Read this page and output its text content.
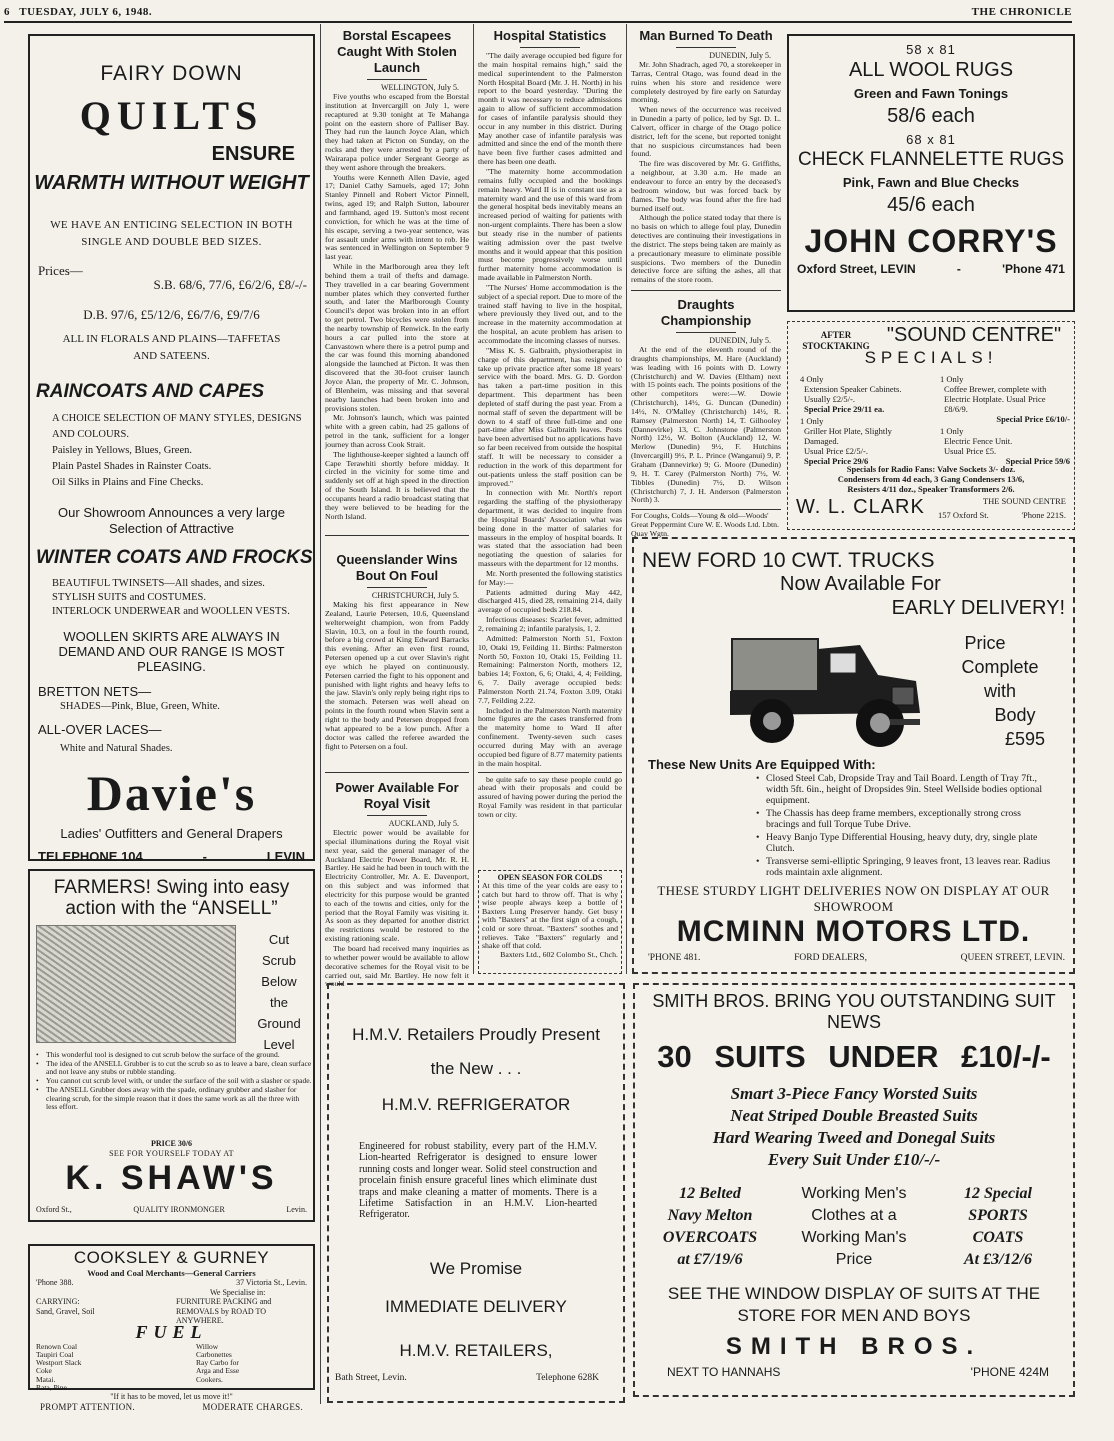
6 TUESDAY, JULY 6, 1948.	THE CHRONICLE
FAIRY DOWN
QUILTS
ENSURE
WARMTH WITHOUT WEIGHT
WE HAVE AN ENTICING SELECTION IN BOTH SINGLE AND DOUBLE BED SIZES.
Prices—
S.B. 68/6, 77/6, £6/2/6, £8/-/-
D.B. 97/6, £5/12/6, £6/7/6, £9/7/6
ALL IN FLORALS AND PLAINS—TAFFETAS AND SATEENS.
RAINCOATS AND CAPES
A CHOICE SELECTION OF MANY STYLES, DESIGNS AND COLOURS.
Paisley in Yellows, Blues, Green.
Plain Pastel Shades in Rainster Coats.
Oil Silks in Plains and Fine Checks.
Our Showroom Announces a very large Selection of Attractive
WINTER COATS AND FROCKS
BEAUTIFUL TWINSETS—All shades, and sizes.
STYLISH SUITS and COSTUMES.
INTERLOCK UNDERWEAR and WOOLLEN VESTS.
WOOLLEN SKIRTS ARE ALWAYS IN DEMAND AND OUR RANGE IS MOST PLEASING.
BRETTON NETS—
SHADES—Pink, Blue, Green, White.
ALL-OVER LACES—
White and Natural Shades.
Davie's
Ladies' Outfitters and General Drapers
TELEPHONE 104	-	LEVIN
FARMERS! Swing into easy action with the “ANSELL”
Cut
Scrub
Below
the
Ground
Level
• This wonderful tool is designed to cut scrub below the surface of the ground.
• The idea of the ANSELL Grubber is to cut the scrub so as to leave a bare, clean surface and not leave any stubs or rubble standing.
• You cannot cut scrub level with, or under the surface of the soil with a slasher or spade.
• The ANSELL Grubber does away with the spade, ordinary grubber and slasher for clearing scrub, for the simple reason that it does the same work as all the three with less effort.
PRICE 30/6
SEE FOR YOURSELF TODAY AT
K. SHAW'S
Oxford St.,	QUALITY IRONMONGER	Levin.
COOKSLEY & GURNEY
Wood and Coal Merchants—General Carriers
'Phone 388.	37 Victoria St., Levin.
We Specialise in:
CARRYING:
Sand, Gravel, Soil
FURNITURE PACKING and REMOVALS by ROAD TO ANYWHERE.
FUEL
Renown Coal
Taupiri Coal
Westport Slack
Coke
Matai.
Rata, Pine
Willow
Carbonettes
Ray Carbo for
Arga and Esse
Cookers.
"If it has to be moved, let us move it!"
PROMPT ATTENTION.	MODERATE CHARGES.
Borstal Escapees Caught With Stolen Launch
WELLINGTON, July 5.

Five youths who escaped from the Borstal institution at Invercargill on July 1, were recaptured at 9.30 tonight at Te Mahanga point on the eastern shore of Palliser Bay. They had run the launch Joyce Alan, which they had taken at Picton on Sunday, on the rocks and they were arrested by a party of Wairarapa police under Sergeant George as they went ashore through the breakers.

Youths were Kenneth Allen Davie, aged 17; Daniel Cathy Samuels, aged 17; John Stanley Pinnell and Robert Victor Pinnell, twins, aged 19; and Ralph Sutton, labourer and farmhand, aged 19. Sutton's most recent conviction, for which he was at the time of his escape, serving a two-year sentence, was for assault under arms with intent to rob. He was sentenced in Wellington on September 9 last year.

While in the Marlborough area they left behind them a trail of thefts and damage. They travelled in a car bearing Government number plates which they converted further south, and later the Marlborough County Council's depot was broken into in an effort to get petrol. Two bicycles were stolen from the nearby township of Renwick. In the early hours a car pulled into the store at Canvastown where there is a petrol pump and the car was found this morning abandoned alongside the launched at Picton. It was then discovered that the 30-foot cruiser launch Joyce Alan, the property of Mr. C. Johnson, of Blenheim, was missing and that several nearby launches had been broken into and provisions stolen.

Mr. Johnson's launch, which was painted white with a green cabin, had 25 gallons of petrol in the tank, sufficient for a longer journey than across Cook Strait.

The lighthouse-keeper sighted a launch off Cape Terawhiti shortly before midday. It circled in the vicinity for some time and suddenly set off at high speed in the direction of the South Island. It is believed that the occupants heard a radio broadcast stating that they were believed to be heading for the North Island.

Queenslander Wins Bout On Foul
CHRISTCHURCH, July 5.

Making his first appearance in New Zealand, Laurie Petersen, 10.6, Queensland welterweight champion, won from Paddy Slavin, 10.3, on a foul in the fourth round, before a big crowd at King Edward Barracks this evening. After an even first round, Petersen opened up a cut over Slavin's right eye which he played on continuously. Petersen carried the fight to his opponent and punished with light rights and heavy lefts to the jaw. Slavin's only reply being right rips to the stomach. Petersen was well ahead on points in the fourth round when Slavin sent a right to the body and Petersen dropped from what appeared to be a low punch. After a doctor was called the referee awarded the fight to Petersen on a foul.

Power Available For Royal Visit
AUCKLAND, July 5.

Electric power would be available for special illuminations during the Royal visit next year, said the general manager of the Auckland Electric Power Board, Mr. R. H. Bartley. He said he had been in touch with the Electricity Controller, Mr. A. E. Davenport, on this subject and was informed that electricity for this purpose would be granted to each of the towns and cities, only for the period that the Royal Family was visiting it. As soon as they departed for another district the restrictions would be restored to the existing rationing scale.

The board had received many inquiries as to whether power would be available to allow decorative schemes for the Royal visit to be carried out, said Mr. Bartley. He now felt it would

Hospital Statistics

"The daily average occupied bed figure for the main hospital remains high," said the medical superintendent to the Palmerston North Hospital Board (Mr. J. H. North) in his report to the board yesterday. "During the month it was necessary to reduce admissions again to allow of sufficient accommodation for cases of infantile paralysis should they occur in any number in this district. During May another case of infantile paralysis was admitted and since the end of the month there have been five further cases admitted and there has been one death.

"The maternity home accommodation remains fully occupied and the bookings remain heavy. Ward II is in constant use as a maternity ward and the use of this ward from the general hospital beds inevitably means an increased period of waiting for patients with non-urgent complaints. There has been a slow but steady rise in the number of patients waiting admission over the past twelve months and it would appear that this position must become progressively worse until further maternity home accommodation is made available in Palmerston North.

"The Nurses' Home accommodation is the subject of a special report. Due to more of the trained staff having to live in the hospital, where previously they lived out, and to the increase in the maternity accommodation at the hospital, an acute problem has arisen to accommodate the incoming classes of nurses.

"Miss K. S. Galbraith, physiotherapist in charge of this department, has resigned to take up private practice after some 18 years' service with the board. Mrs. G. D. Gordon has taken a part-time position in this department. This department has been depleted of staff during the past year. From a normal staff of seven the department will be down to 4 staff of three full-time and one part-time after Miss Galbraith leaves. Posts have been advertised but no applications have so far been received from outside the hospital staff. It will be necessary to consider a reduction in the work of this department for out-patients unless the staff position can be improved."

In connection with Mr. North's report regarding the staffing of the physiotherapy department, it was decided to inquire from the Hospital Boards' Association what was being done in the matter of salaries for masseurs in the employ of hospital boards. It was stated that the association had been negotiating the question of salaries for masseurs with the department for 12 months.

Mr. North presented the following statistics for May:—

Patients admitted during May 442, discharged 415, died 28, remaining 214, daily average of occupied beds 218.84.

Infectious diseases: Scarlet fever, admitted 2, remaining 2; infantile paralysis, 1, 2.

Admitted: Palmerston North 51, Foxton 10, Otaki 19, Feilding 11. Births: Palmerston North 50, Foxton 10, Otaki 15, Feilding 11. Remaining: Palmerston North, mothers 12, babies 14; Foxton, 6, 6; Otaki, 4, 4; Feilding, 6, 7. Daily average occupied beds: Palmerston North 21.74, Foxton 3.09, Otaki 7.7, Feilding 2.22.

Included in the Palmerston North maternity home figures are the cases transferred from the maternity home to Ward II after confinement. Twenty-seven such cases occurred during May with an average occupied bed figure of 8.77 maternity patients in the main hospital.

be quite safe to say these people could go ahead with their proposals and could be assured of having power during the period the Royal Family was resident in that particular town or city.

OPEN SEASON FOR COLDS
At this time of the year colds are easy to catch but hard to throw off. That is why wise people always keep a bottle of Baxters Lung Preserver handy. Get busy with "Baxters" at the first sign of a cough, cold or sore throat. "Baxters" soothes and relieves. Take "Baxters" regularly and shake off that cold.
Baxters Ltd., 602 Colombo St., Chch.
Man Burned To Death
DUNEDIN, July 5.

Mr. John Shadrach, aged 70, a storekeeper in Tarras, Central Otago, was found dead in the ruins when his store and residence were completely destroyed by fire early on Saturday morning.

When news of the occurrence was received in Dunedin a party of police, led by Sgt. D. L. Calvert, officer in charge of the Otago police district, left for the scene, but reported tonight that no suspicious circumstances had been found.

The fire was discovered by Mr. G. Griffiths, a neighbour, at 3.30 a.m. He made an endeavour to force an entry by the deceased's bedroom window, but was forced back by flames. The body was found after the fire had burned itself out.

Although the police stated today that there is no basis on which to allege foul play, Dunedin detectives are continuing their investigations in the district. The steps being taken are mainly as a precautionary measure to eliminate possible suspicions. Two members of the Dunedin detective force are sifting the ashes, all that remains of the store room.

Draughts Championship
DUNEDIN, July 5.

At the end of the eleventh round of the draughts championships, M. Hare (Auckland) was leading with 16 points with D. Lowry (Christchurch) and W. Davies (Eltham) next with 15 points each. The points positions of the other competitors were:—W. Dowie (Christchurch), 14½, G. Duncan (Dunedin) 14½, N. O'Malley (Christchurch) 14½, R. Ramsey (Palmerston North) 14, T. Gilhooley (Dannevirke) 13, C. Johnstone (Palmerston North) 12½, W. Bolton (Auckland) 12, W. Merlow (Dunedin) 9½, F. Hutchins (Invercargill) 9½, P. L. Prince (Wanganui) 9, P. Graham (Dannevirke) 9; G. Moore (Dunedin) 9, H. T. Carey (Palmerston North) 7½, W. Tibbles (Dunedin) 7½, D. Wilson (Christchurch) 7, J. H. Anderson (Palmerston North) 3.

For Coughs, Colds—Young & old—Woods' Great Peppermint Cure W. E. Woods Ltd. Lbtn. Quay Wgtn.
58 x 81
ALL WOOL RUGS
Green and Fawn Tonings
58/6 each
68 x 81
CHECK FLANNELETTE RUGS
Pink, Fawn and Blue Checks
45/6 each
JOHN CORRY'S
Oxford Street, LEVIN	-	'Phone 471
AFTER STOCKTAKING "SOUND CENTRE"
SPECIALS!
4 Only
Extension Speaker Cabinets.
Usually £2/5/-.
Special Price 29/11 ea.
1 Only
Griller Hot Plate, Slightly Damaged.
Usual Price £2/5/-.
Special Price 29/6
1 Only
Coffee Brewer, complete with Electric Hotplate. Usual Price £8/6/9.
Special Price £6/10/-
1 Only
Electric Fence Unit.
Usual Price £5.
Special Price 59/6
Specials for Radio Fans: Valve Sockets 3/- doz.
Condensers from 4d each, 3 Gang Condensers 13/6,
Resisters 4/11 doz., Speaker Transformers 2/6.
W. L. CLARK	THE SOUND CENTRE
157 Oxford St.	'Phone 221S.
NEW FORD 10 CWT. TRUCKS
Now Available For
EARLY DELIVERY!
Price
Complete
with
Body
£595
These New Units Are Equipped With:
• Closed Steel Cab, Dropside Tray and Tail Board. Length of Tray 7ft., width 5ft. 6in., height of Dropsides 9in. Steel Wellside bodies optional equipment.
• The Chassis has deep frame members, exceptionally strong cross bracings and full Torque Tube Drive.
• Heavy Banjo Type Differential Housing, heavy duty, dry, single plate Clutch.
• Transverse semi-elliptic Springing, 9 leaves front, 13 leaves rear. Radius rods maintain axle alignment.
THESE STURDY LIGHT DELIVERIES NOW ON DISPLAY AT OUR SHOWROOM
MCMINN MOTORS LTD.
'PHONE 481.	FORD DEALERS,	QUEEN STREET, LEVIN.
H.M.V. Retailers Proudly Present
the New . . .
H.M.V. REFRIGERATOR
Engineered for robust stability, every part of the H.M.V. Lion-hearted Refrigerator is designed to ensure lower running costs and longer wear. Solid steel construction and procelain finish ensure graceful lines which eliminate dust traps and make cleaning a matter of moments. There is a Lifetime Satisfaction in an H.M.V. Lion-hearted Refrigerator.
We Promise
IMMEDIATE DELIVERY
H.M.V. RETAILERS,
Bath Street, Levin.	Telephone 628K
SMITH BROS. BRING YOU OUTSTANDING SUIT NEWS
30 SUITS UNDER £10/-/-
Smart 3-Piece Fancy Worsted Suits
Neat Striped Double Breasted Suits
Hard Wearing Tweed and Donegal Suits
Every Suit Under £10/-/-
12 Belted
Navy Melton
OVERCOATS
at £7/19/6
Working Men's
Clothes at a
Working Man's
Price
12 Special
SPORTS
COATS
At £3/12/6
SEE THE WINDOW DISPLAY OF SUITS AT THE STORE FOR MEN AND BOYS
SMITH BROS.
NEXT TO HANNAHS	'PHONE 424M
